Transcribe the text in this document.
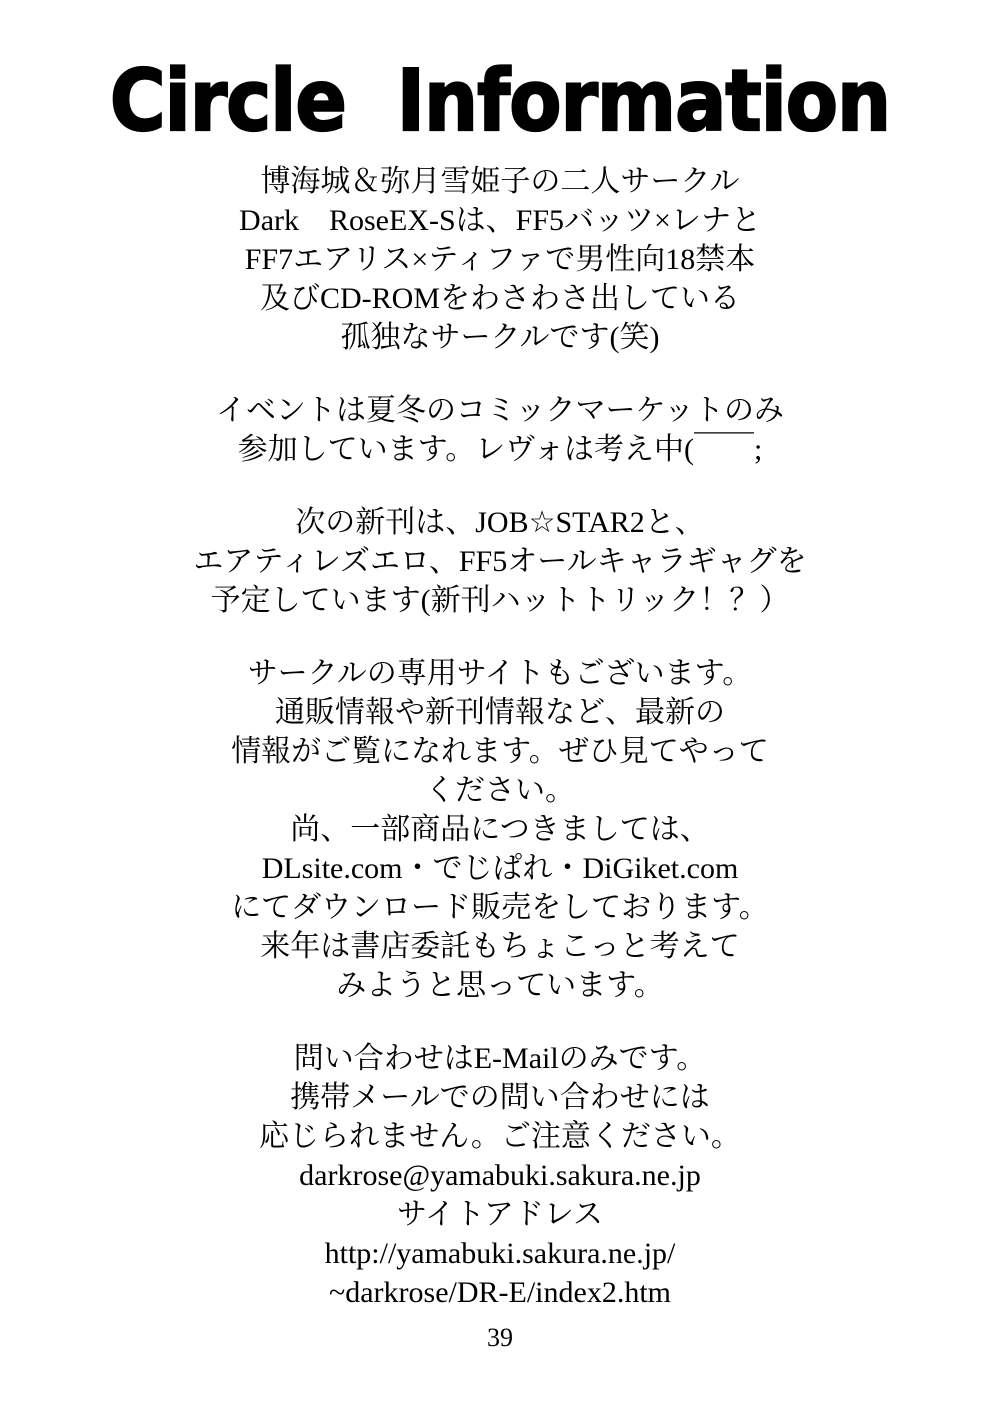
Circle  Information

博海城＆弥月雪姫子の二人サークル
Dark　RoseEX-Sは、FF5バッツ×レナと
FF7エアリス×ティファで男性向18禁本
及びCD-ROMをわさわさ出している
孤独なサークルです(笑)

イベントは夏冬のコミックマーケットのみ
参加しています。レヴォは考え中(￣￣;

次の新刊は、JOB☆STAR2と、
エアティレズエロ、FF5オールキャラギャグを
予定しています(新刊ハットトリック！？）

サークルの専用サイトもございます。
通販情報や新刊情報など、最新の
情報がご覧になれます。ぜひ見てやって
ください。
尚、一部商品につきましては、
DLsite.com・でじぱれ・DiGiket.com
にてダウンロード販売をしております。
来年は書店委託もちょこっと考えて
みようと思っています。

問い合わせはE-Mailのみです。
携帯メールでの問い合わせには
応じられません。ご注意ください。
darkrose@yamabuki.sakura.ne.jp
サイトアドレス
http://yamabuki.sakura.ne.jp/
~darkrose/DR-E/index2.htm

39
